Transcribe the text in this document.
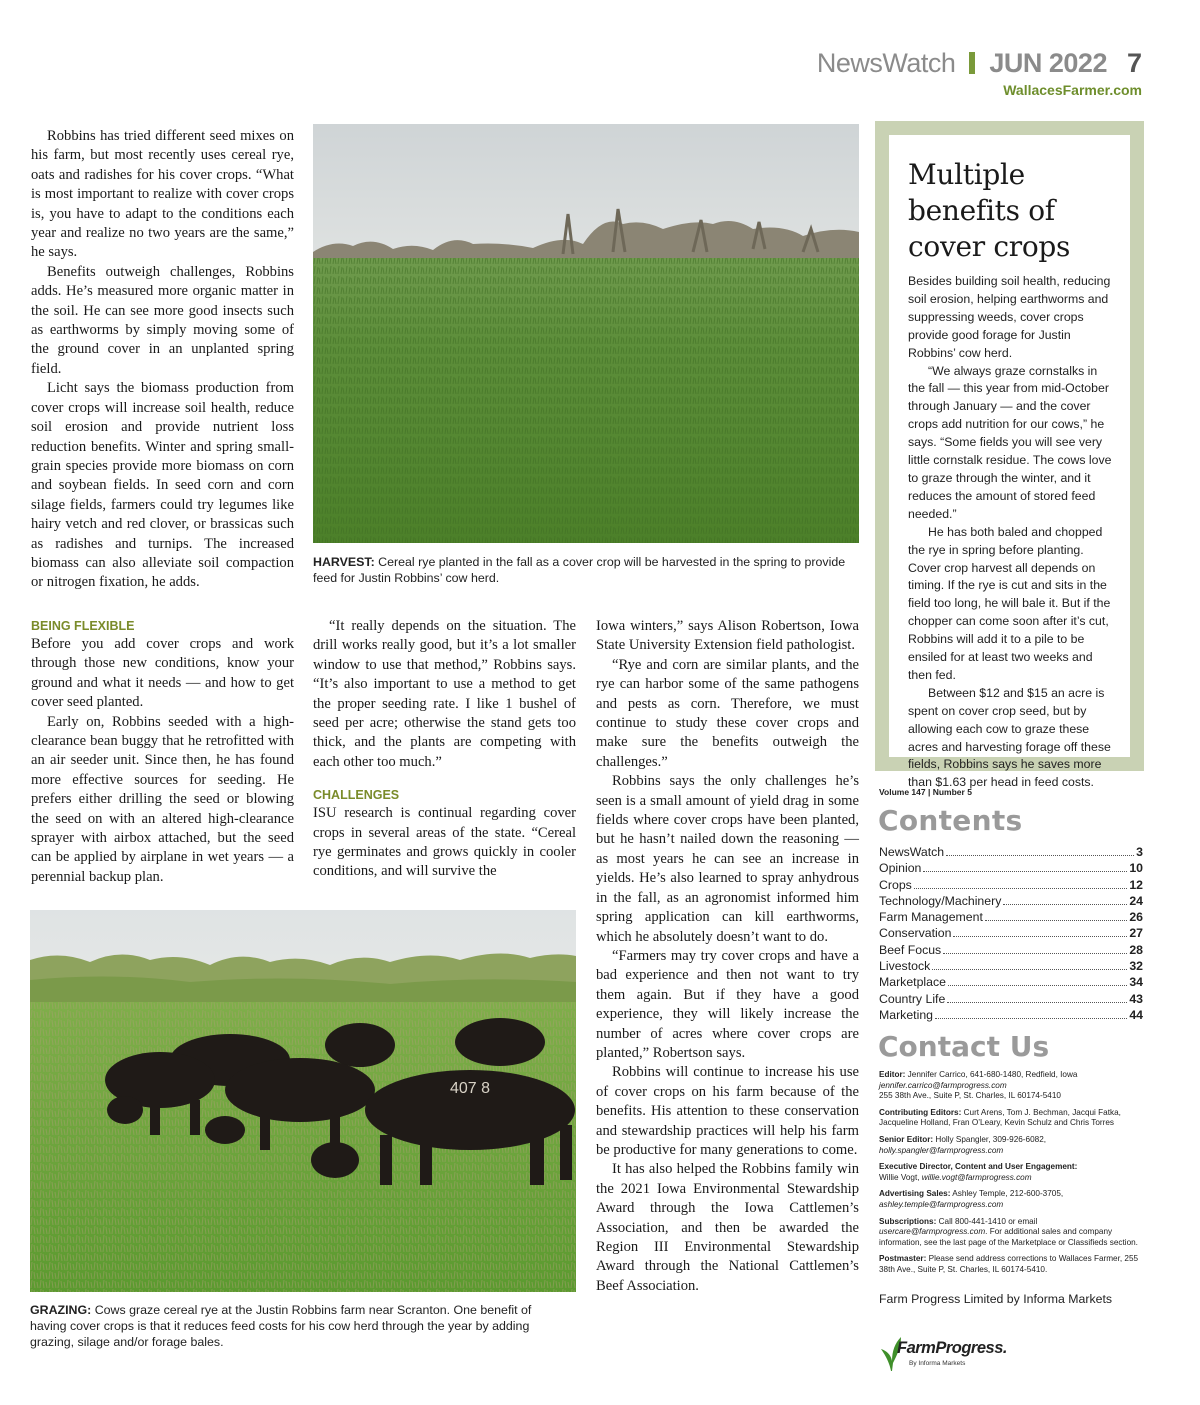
NewsWatch JUN 2022 7
WallacesFarmer.com

Robbins has tried different seed mixes on his farm, but most recently uses cereal rye, oats and radishes for his cover crops. “What is most important to realize with cover crops is, you have to adapt to the conditions each year and realize no two years are the same,” he says.

Benefits outweigh challenges, Robbins adds. He’s measured more organic matter in the soil. He can see more good insects such as earthworms by simply moving some of the ground cover in an unplanted spring field.

Licht says the biomass production from cover crops will increase soil health, reduce soil erosion and provide nutrient loss reduction benefits. Winter and spring small-grain species provide more biomass on corn and soybean fields. In seed corn and corn silage fields, farmers could try legumes like hairy vetch and red clover, or brassicas such as radishes and turnips. The increased biomass can also alleviate soil compaction or nitrogen fixation, he adds.

HARVEST: Cereal rye planted in the fall as a cover crop will be harvested in the spring to provide feed for Justin Robbins’ cow herd.
BEING FLEXIBLE

Before you add cover crops and work through those new conditions, know your ground and what it needs — and how to get cover seed planted.

Early on, Robbins seeded with a high-clearance bean buggy that he retrofitted with an air seeder unit. Since then, he has found more effective sources for seeding. He prefers either drilling the seed or blowing the seed on with an altered high-clearance sprayer with airbox attached, but the seed can be applied by airplane in wet years — a perennial backup plan.

“It really depends on the situation. The drill works really good, but it’s a lot smaller window to use that method,” Robbins says. “It’s also important to use a method to get the proper seeding rate. I like 1 bushel of seed per acre; otherwise the stand gets too thick, and the plants are competing with each other too much.”

CHALLENGES

ISU research is continual regarding cover crops in several areas of the state. “Cereal rye germinates and grows quickly in cooler conditions, and will survive the

Iowa winters,” says Alison Robertson, Iowa State University Extension field pathologist.

“Rye and corn are similar plants, and the rye can harbor some of the same pathogens and pests as corn. Therefore, we must continue to study these cover crops and make sure the benefits outweigh the challenges.”

Robbins says the only challenges he’s seen is a small amount of yield drag in some fields where cover crops have been planted, but he hasn’t nailed down the reasoning — as most years he can see an increase in yields. He’s also learned to spray anhydrous in the fall, as an agronomist informed him spring application can kill earthworms, which he absolutely doesn’t want to do.

“Farmers may try cover crops and have a bad experience and then not want to try them again. But if they have a good experience, they will likely increase the number of acres where cover crops are planted,” Robertson says.

Robbins will continue to increase his use of cover crops on his farm because of the benefits. His attention to these conservation and stewardship practices will help his farm be productive for many generations to come.

It has also helped the Robbins family win the 2021 Iowa Environmental Stewardship Award through the Iowa Cattlemen’s Association, and then be awarded the Region III Environmental Stewardship Award through the National Cattlemen’s Beef Association.

407 8
GRAZING: Cows graze cereal rye at the Justin Robbins farm near Scranton. One benefit of having cover crops is that it reduces feed costs for his cow herd through the year by adding grazing, silage and/or forage bales.
Multiple benefits of cover crops

Besides building soil health, reducing soil erosion, helping earthworms and suppressing weeds, cover crops provide good forage for Justin Robbins’ cow herd.

“We always graze cornstalks in the fall — this year from mid-October through January — and the cover crops add nutrition for our cows,” he says. “Some fields you will see very little cornstalk residue. The cows love to graze through the winter, and it reduces the amount of stored feed needed.”

He has both baled and chopped the rye in spring before planting. Cover crop harvest all depends on timing. If the rye is cut and sits in the field too long, he will bale it. But if the chopper can come soon after it’s cut, Robbins will add it to a pile to be ensiled for at least two weeks and then fed.

Between $12 and $15 an acre is spent on cover crop seed, but by allowing each cow to graze these acres and harvesting forage off these fields, Robbins says he saves more than $1.63 per head in feed costs.

Volume 147 | Number 5
Contents
NewsWatch	3
Opinion	10
Crops	12
Technology/Machinery	24
Farm Management	26
Conservation	27
Beef Focus	28
Livestock	32
Marketplace	34
Country Life	43
Marketing	44
Contact Us
Editor: Jennifer Carrico, 641-680-1480, Redfield, Iowa
jennifer.carrico@farmprogress.com
255 38th Ave., Suite P, St. Charles, IL 60174-5410
Contributing Editors: Curt Arens, Tom J. Bechman, Jacqui Fatka, Jacqueline Holland, Fran O’Leary, Kevin Schulz and Chris Torres
Senior Editor: Holly Spangler, 309-926-6082,
holly.spangler@farmprogress.com
Executive Director, Content and User Engagement:
Willie Vogt, willie.vogt@farmprogress.com
Advertising Sales: Ashley Temple, 212-600-3705,
ashley.temple@farmprogress.com
Subscriptions: Call 800-441-1410 or email usercare@farmprogress.com. For additional sales and company information, see the last page of the Marketplace or Classifieds section.
Postmaster: Please send address corrections to Wallaces Farmer, 255 38th Ave., Suite P, St. Charles, IL 60174-5410.
Farm Progress Limited by Informa Markets
FarmProgress.
By Informa Markets
